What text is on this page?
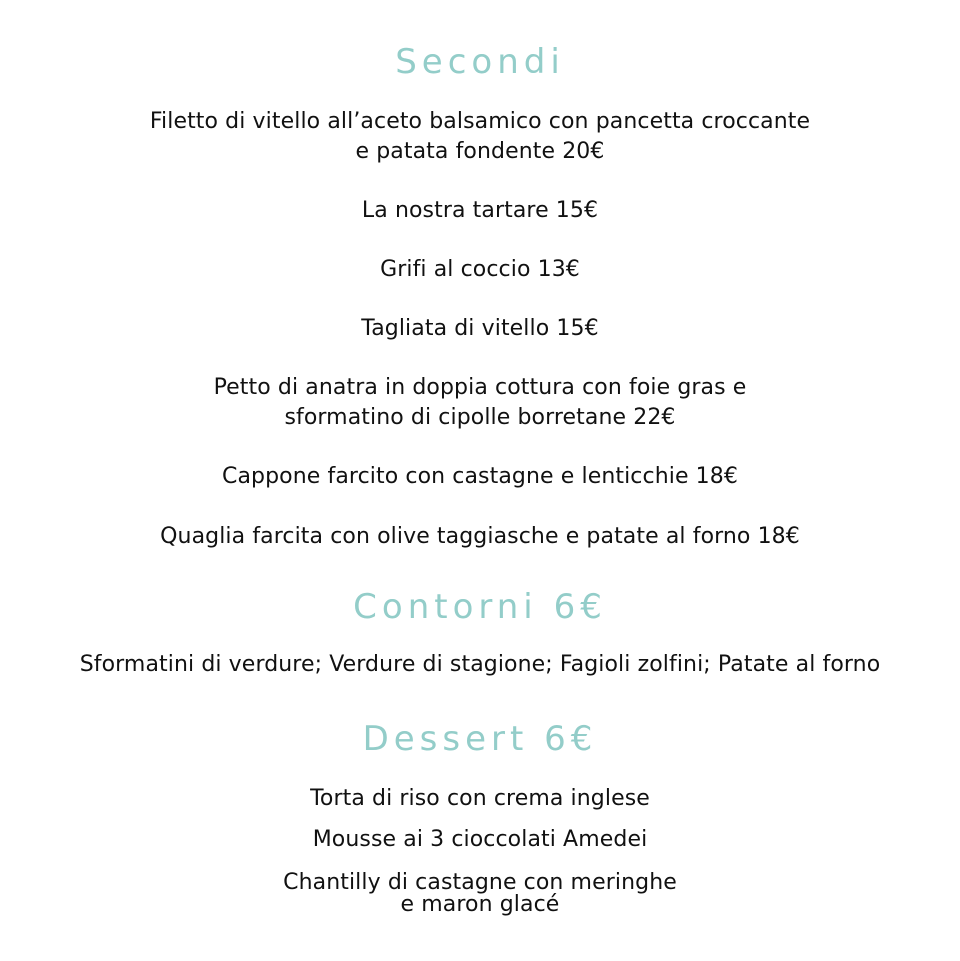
Secondi
Filetto di vitello all’aceto balsamico con pancetta croccante
e patata fondente 20€
La nostra tartare 15€
Grifi al coccio 13€
Tagliata di vitello 15€
Petto di anatra in doppia cottura con foie gras e
sformatino di cipolle borretane 22€
Cappone farcito con castagne e lenticchie 18€
Quaglia farcita con olive taggiasche e patate al forno 18€
Contorni 6€
Sformatini di verdure; Verdure di stagione; Fagioli zolfini; Patate al forno
Dessert 6€
Torta di riso con crema inglese
Mousse ai 3 cioccolati Amedei
Chantilly di castagne con meringhe
e maron glacé
